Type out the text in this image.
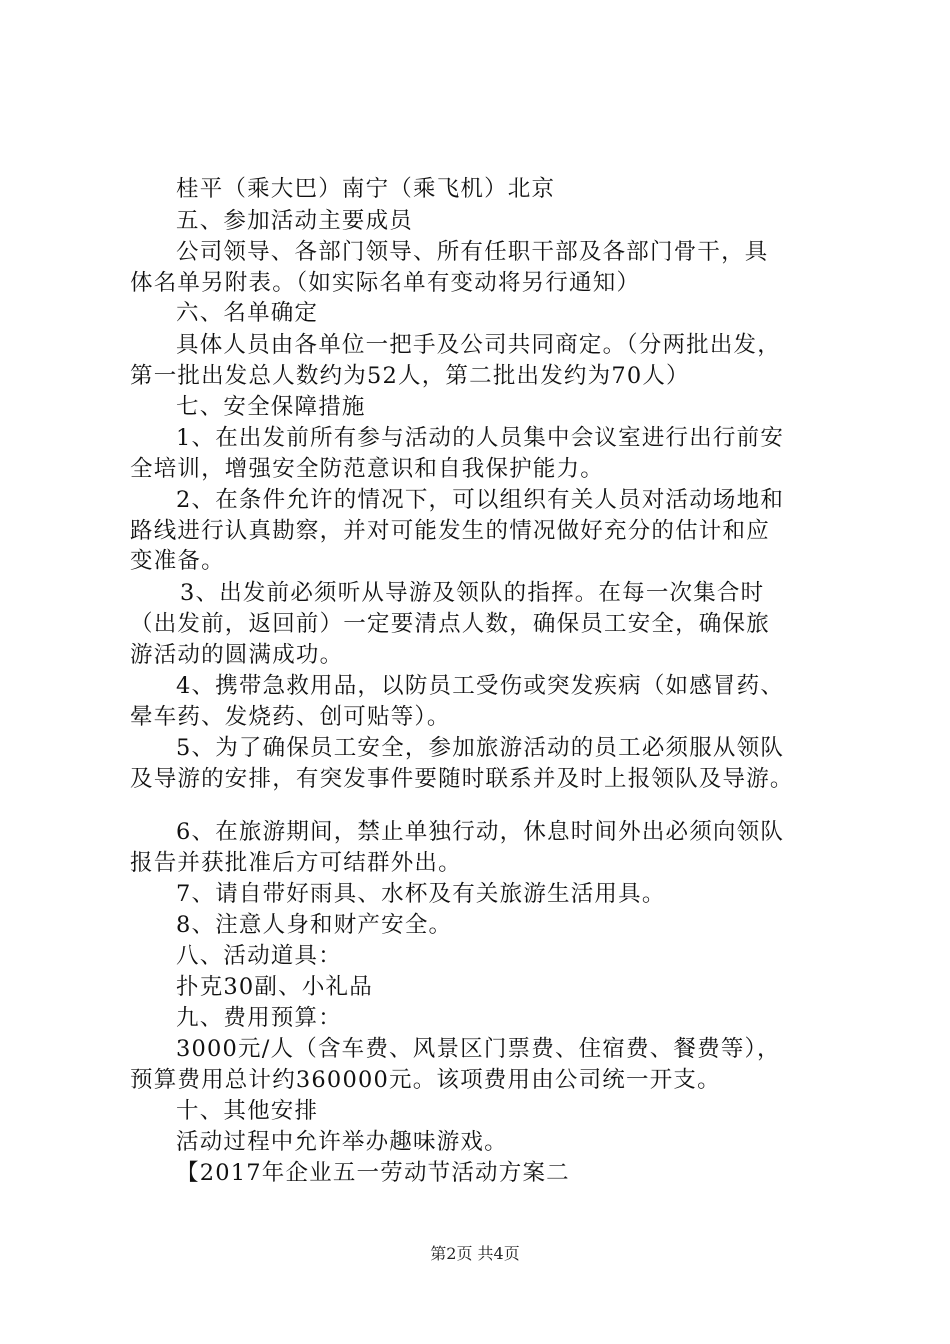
桂平（乘大巴）南宁（乘飞机）北京
五、参加活动主要成员
公司领导、各部门领导、所有任职干部及各部门骨干，具
体名单另附表。（如实际名单有变动将另行通知）
六、名单确定
具体人员由各单位一把手及公司共同商定。（分两批出发，
第一批出发总人数约为52人，第二批出发约为70人）
七、安全保障措施
1、在出发前所有参与活动的人员集中会议室进行出行前安
全培训，增强安全防范意识和自我保护能力。
2、在条件允许的情况下，可以组织有关人员对活动场地和
路线进行认真勘察，并对可能发生的情况做好充分的估计和应
变准备。
3、出发前必须听从导游及领队的指挥。在每一次集合时
（出发前，返回前）一定要清点人数，确保员工安全，确保旅
游活动的圆满成功。
4、携带急救用品，以防员工受伤或突发疾病（如感冒药、
晕车药、发烧药、创可贴等）。
5、为了确保员工安全，参加旅游活动的员工必须服从领队
及导游的安排，有突发事件要随时联系并及时上报领队及导游。
6、在旅游期间，禁止单独行动，休息时间外出必须向领队
报告并获批准后方可结群外出。
7、请自带好雨具、水杯及有关旅游生活用具。
8、注意人身和财产安全。
八、活动道具：
扑克30副、小礼品
九、费用预算：
3000元/人（含车费、风景区门票费、住宿费、餐费等），
预算费用总计约360000元。该项费用由公司统一开支。
十、其他安排
活动过程中允许举办趣味游戏。
【2017年企业五一劳动节活动方案二
第2页 共4页
